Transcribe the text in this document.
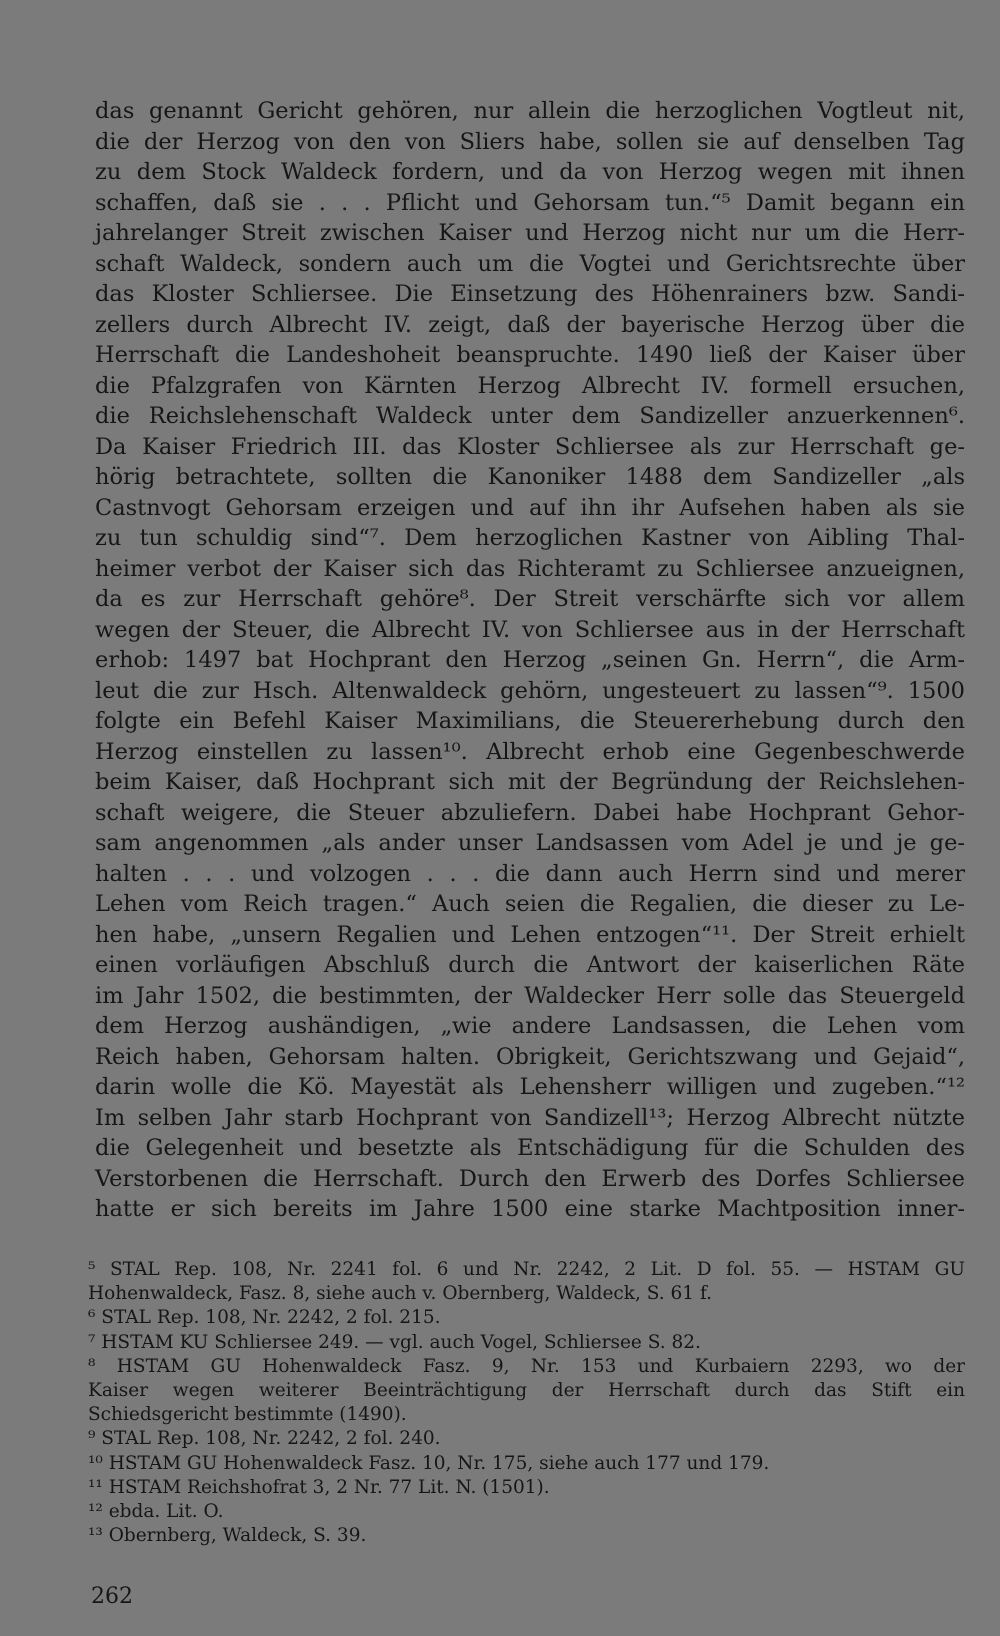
das genannt Gericht gehören, nur allein die herzoglichen Vogtleut nit,
die der Herzog von den von Sliers habe, sollen sie auf denselben Tag
zu dem Stock Waldeck fordern, und da von Herzog wegen mit ihnen
schaffen, daß sie . . . Pflicht und Gehorsam tun.“⁵ Damit begann ein
jahrelanger Streit zwischen Kaiser und Herzog nicht nur um die Herr-
schaft Waldeck, sondern auch um die Vogtei und Gerichtsrechte über
das Kloster Schliersee. Die Einsetzung des Höhenrainers bzw. Sandi-
zellers durch Albrecht IV. zeigt, daß der bayerische Herzog über die
Herrschaft die Landeshoheit beanspruchte. 1490 ließ der Kaiser über
die Pfalzgrafen von Kärnten Herzog Albrecht IV. formell ersuchen,
die Reichslehenschaft Waldeck unter dem Sandizeller anzuerkennen⁶.
Da Kaiser Friedrich III. das Kloster Schliersee als zur Herrschaft ge-
hörig betrachtete, sollten die Kanoniker 1488 dem Sandizeller „als
Castnvogt Gehorsam erzeigen und auf ihn ihr Aufsehen haben als sie
zu tun schuldig sind“⁷. Dem herzoglichen Kastner von Aibling Thal-
heimer verbot der Kaiser sich das Richteramt zu Schliersee anzueignen,
da es zur Herrschaft gehöre⁸. Der Streit verschärfte sich vor allem
wegen der Steuer, die Albrecht IV. von Schliersee aus in der Herrschaft
erhob: 1497 bat Hochprant den Herzog „seinen Gn. Herrn“, die Arm-
leut die zur Hsch. Altenwaldeck gehörn, ungesteuert zu lassen“⁹. 1500
folgte ein Befehl Kaiser Maximilians, die Steuererhebung durch den
Herzog einstellen zu lassen¹⁰. Albrecht erhob eine Gegenbeschwerde
beim Kaiser, daß Hochprant sich mit der Begründung der Reichslehen-
schaft weigere, die Steuer abzuliefern. Dabei habe Hochprant Gehor-
sam angenommen „als ander unser Landsassen vom Adel je und je ge-
halten . . . und volzogen . . . die dann auch Herrn sind und merer
Lehen vom Reich tragen.“ Auch seien die Regalien, die dieser zu Le-
hen habe, „unsern Regalien und Lehen entzogen“¹¹. Der Streit erhielt
einen vorläufigen Abschluß durch die Antwort der kaiserlichen Räte
im Jahr 1502, die bestimmten, der Waldecker Herr solle das Steuergeld
dem Herzog aushändigen, „wie andere Landsassen, die Lehen vom
Reich haben, Gehorsam halten. Obrigkeit, Gerichtszwang und Gejaid“,
darin wolle die Kö. Mayestät als Lehensherr willigen und zugeben.“¹²
Im selben Jahr starb Hochprant von Sandizell¹³; Herzog Albrecht nützte
die Gelegenheit und besetzte als Entschädigung für die Schulden des
Verstorbenen die Herrschaft. Durch den Erwerb des Dorfes Schliersee
hatte er sich bereits im Jahre 1500 eine starke Machtposition inner-
⁵ STAL Rep. 108, Nr. 2241 fol. 6 und Nr. 2242, 2 Lit. D fol. 55. — HSTAM GU
Hohenwaldeck, Fasz. 8, siehe auch v. Obernberg, Waldeck, S. 61 f.
⁶ STAL Rep. 108, Nr. 2242, 2 fol. 215.
⁷ HSTAM KU Schliersee 249. — vgl. auch Vogel, Schliersee S. 82.
⁸ HSTAM GU Hohenwaldeck Fasz. 9, Nr. 153 und Kurbaiern 2293, wo der
Kaiser wegen weiterer Beeinträchtigung der Herrschaft durch das Stift ein
Schiedsgericht bestimmte (1490).
⁹ STAL Rep. 108, Nr. 2242, 2 fol. 240.
¹⁰ HSTAM GU Hohenwaldeck Fasz. 10, Nr. 175, siehe auch 177 und 179.
¹¹ HSTAM Reichshofrat 3, 2 Nr. 77 Lit. N. (1501).
¹² ebda. Lit. O.
¹³ Obernberg, Waldeck, S. 39.
262
